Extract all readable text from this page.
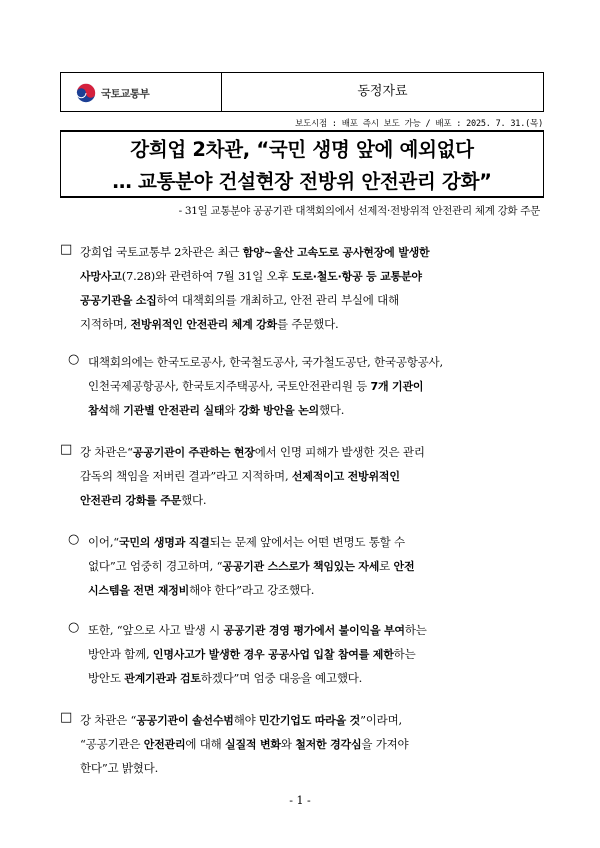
국토교통부	동정자료
보도시점 : 배포 즉시 보도 가능 / 배포 : 2025. 7. 31.(목)
강희업 2차관, “국민 생명 앞에 예외없다
… 교통분야 건설현장 전방위 안전관리 강화”
- 31일 교통분야 공공기관 대책회의에서 선제적·전방위적 안전관리 체계 강화 주문
□ 강희업 국토교통부 2차관은 최근 함양~울산 고속도로 공사현장에 발생한
사망사고(7.28)와 관련하여 7월 31일 오후 도로·철도·항공 등 교통분야
공공기관을 소집하여 대책회의를 개최하고, 안전 관리 부실에 대해
지적하며, 전방위적인 안전관리 체계 강화를 주문했다.
○ 대책회의에는 한국도로공사, 한국철도공사, 국가철도공단, 한국공항공사,
인천국제공항공사, 한국토지주택공사, 국토안전관리원 등 7개 기관이
참석해 기관별 안전관리 실태와 강화 방안을 논의했다.
□ 강 차관은“공공기관이 주관하는 현장에서 인명 피해가 발생한 것은 관리
감독의 책임을 저버린 결과”라고 지적하며, 선제적이고 전방위적인
안전관리 강화를 주문했다.
○ 이어,“국민의 생명과 직결되는 문제 앞에서는 어떤 변명도 통할 수
없다”고 엄중히 경고하며, “공공기관 스스로가 책임있는 자세로 안전
시스템을 전면 재정비해야 한다”라고 강조했다.
○ 또한, “앞으로 사고 발생 시 공공기관 경영 평가에서 불이익을 부여하는
방안과 함께, 인명사고가 발생한 경우 공공사업 입찰 참여를 제한하는
방안도 관계기관과 검토하겠다”며 엄중 대응을 예고했다.
□ 강 차관은 “공공기관이 솔선수범해야 민간기업도 따라올 것”이라며,
“공공기관은 안전관리에 대해 실질적 변화와 철저한 경각심을 가져야
한다”고 밝혔다.
- 1 -
